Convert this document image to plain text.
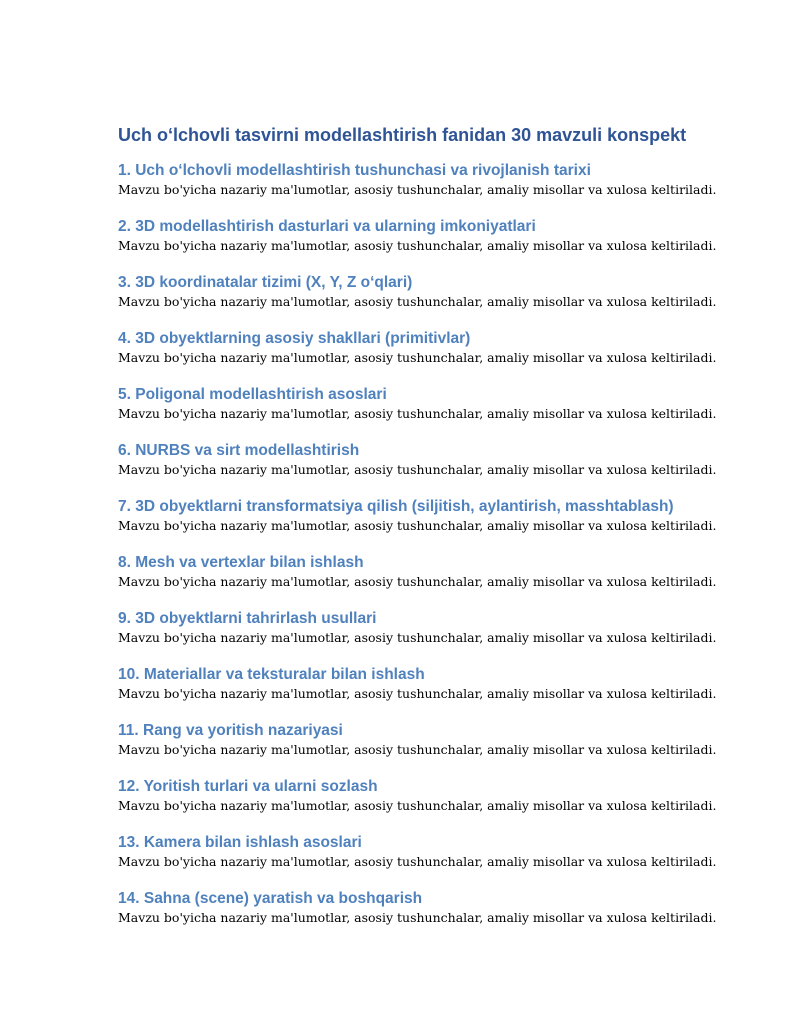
Uch o‘lchovli tasvirni modellashtirish fanidan 30 mavzuli konspekt
1. Uch o‘lchovli modellashtirish tushunchasi va rivojlanish tarixi
Mavzu bo'yicha nazariy ma'lumotlar, asosiy tushunchalar, amaliy misollar va xulosa keltiriladi.
2. 3D modellashtirish dasturlari va ularning imkoniyatlari
Mavzu bo'yicha nazariy ma'lumotlar, asosiy tushunchalar, amaliy misollar va xulosa keltiriladi.
3. 3D koordinatalar tizimi (X, Y, Z o‘qlari)
Mavzu bo'yicha nazariy ma'lumotlar, asosiy tushunchalar, amaliy misollar va xulosa keltiriladi.
4. 3D obyektlarning asosiy shakllari (primitivlar)
Mavzu bo'yicha nazariy ma'lumotlar, asosiy tushunchalar, amaliy misollar va xulosa keltiriladi.
5. Poligonal modellashtirish asoslari
Mavzu bo'yicha nazariy ma'lumotlar, asosiy tushunchalar, amaliy misollar va xulosa keltiriladi.
6. NURBS va sirt modellashtirish
Mavzu bo'yicha nazariy ma'lumotlar, asosiy tushunchalar, amaliy misollar va xulosa keltiriladi.
7. 3D obyektlarni transformatsiya qilish (siljitish, aylantirish, masshtablash)
Mavzu bo'yicha nazariy ma'lumotlar, asosiy tushunchalar, amaliy misollar va xulosa keltiriladi.
8. Mesh va vertexlar bilan ishlash
Mavzu bo'yicha nazariy ma'lumotlar, asosiy tushunchalar, amaliy misollar va xulosa keltiriladi.
9. 3D obyektlarni tahrirlash usullari
Mavzu bo'yicha nazariy ma'lumotlar, asosiy tushunchalar, amaliy misollar va xulosa keltiriladi.
10. Materiallar va teksturalar bilan ishlash
Mavzu bo'yicha nazariy ma'lumotlar, asosiy tushunchalar, amaliy misollar va xulosa keltiriladi.
11. Rang va yoritish nazariyasi
Mavzu bo'yicha nazariy ma'lumotlar, asosiy tushunchalar, amaliy misollar va xulosa keltiriladi.
12. Yoritish turlari va ularni sozlash
Mavzu bo'yicha nazariy ma'lumotlar, asosiy tushunchalar, amaliy misollar va xulosa keltiriladi.
13. Kamera bilan ishlash asoslari
Mavzu bo'yicha nazariy ma'lumotlar, asosiy tushunchalar, amaliy misollar va xulosa keltiriladi.
14. Sahna (scene) yaratish va boshqarish
Mavzu bo'yicha nazariy ma'lumotlar, asosiy tushunchalar, amaliy misollar va xulosa keltiriladi.
